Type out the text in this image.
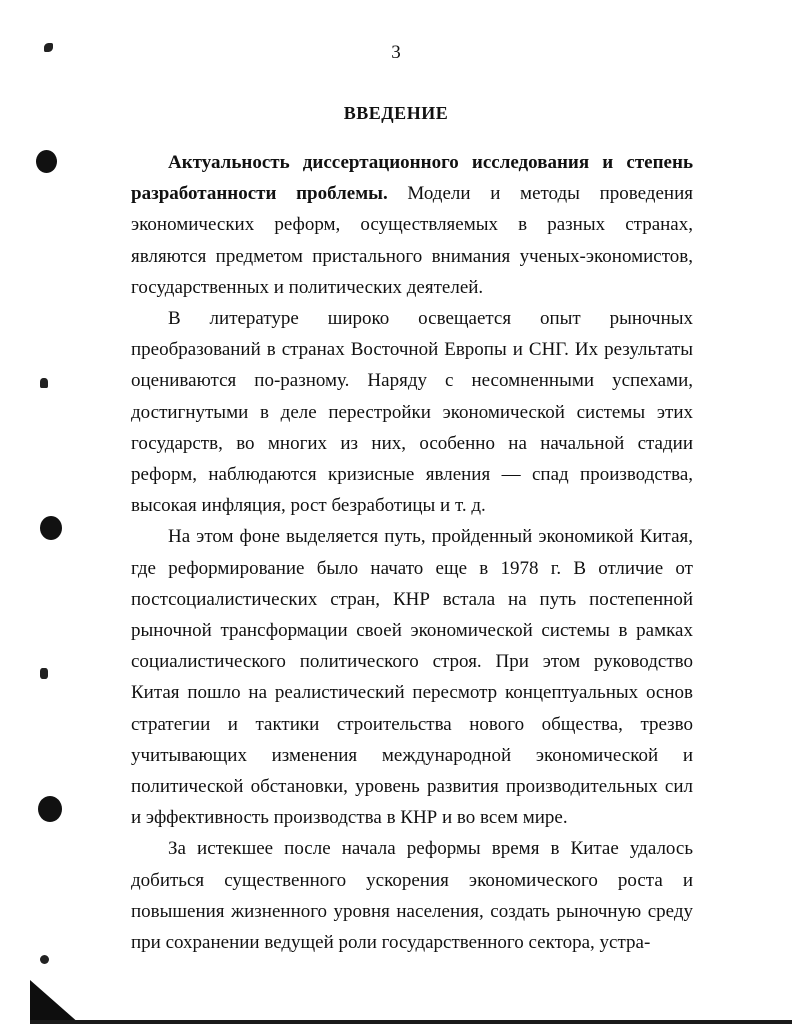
3
ВВЕДЕНИЕ

Актуальность диссертационного исследования и степень разработанности проблемы. Модели и методы проведения экономических реформ, осуществляемых в разных странах, являются предметом пристального внимания ученых-экономистов, государственных и политических деятелей.

В литературе широко освещается опыт рыночных преобразований в странах Восточной Европы и СНГ. Их результаты оцениваются по-разному. Наряду с несомненными успехами, достигнутыми в деле перестройки экономической системы этих государств, во многих из них, особенно на начальной стадии реформ, наблюдаются кризисные явления — спад производства, высокая инфляция, рост безработицы и т. д.

На этом фоне выделяется путь, пройденный экономикой Китая, где реформирование было начато еще в 1978 г. В отличие от постсоциалистических стран, КНР встала на путь постепенной рыночной трансформации своей экономической системы в рамках социалистического политического строя. При этом руководство Китая пошло на реалистический пересмотр концептуальных основ стратегии и тактики строительства нового общества, трезво учитывающих изменения международной экономической и политической обстановки, уровень развития производительных сил и эффективность производства в КНР и во всем мире.

За истекшее после начала реформы время в Китае удалось добиться существенного ускорения экономического роста и повышения жизненного уровня населения, создать рыночную среду при сохранении ведущей роли государственного сектора, устра-
